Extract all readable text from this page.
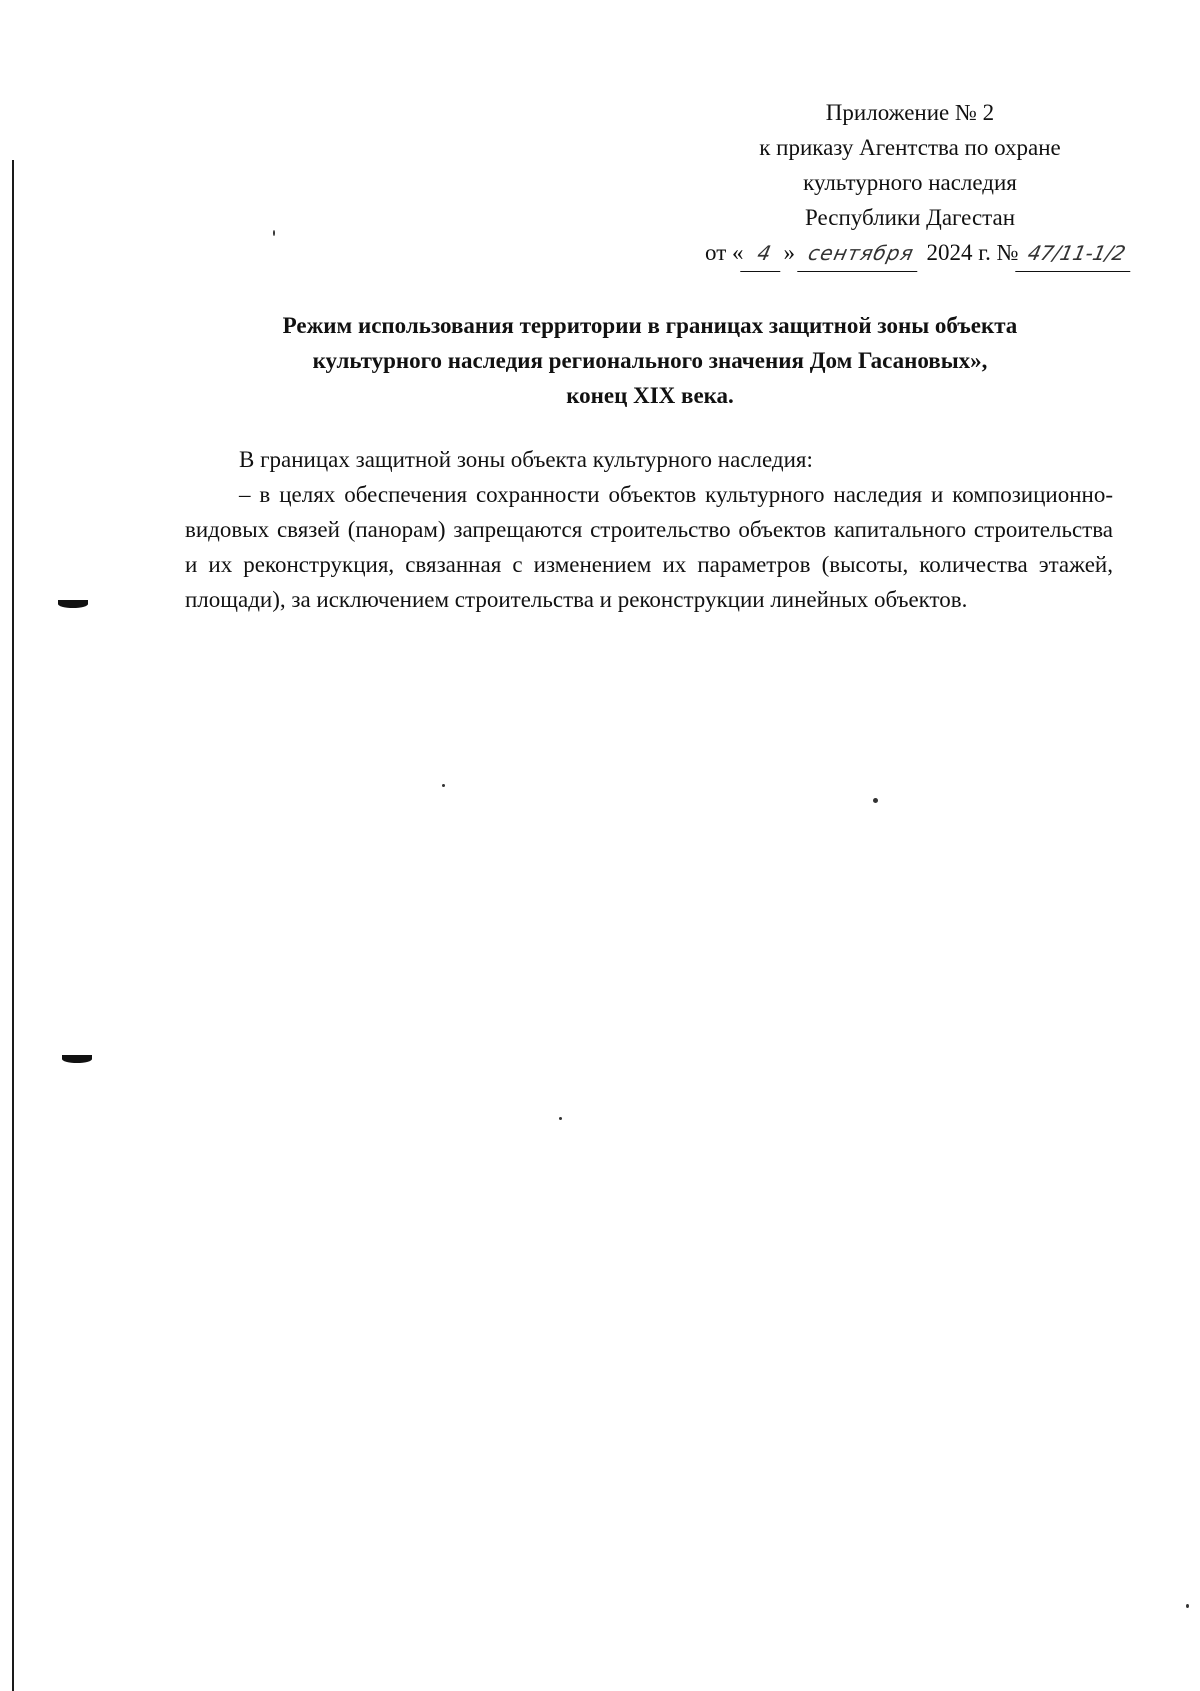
Приложение № 2
к приказу Агентства по охране
культурного наследия
Республики Дагестан
от « 4 » сентября 2024 г. № 47/11-1/2
Режим использования территории в границах защитной зоны объекта
культурного наследия регионального значения Дом Гасановых»,
конец XIX века.

В границах защитной зоны объекта культурного наследия:

– в целях обеспечения сохранности объектов культурного наследия и композиционно-видовых связей (панорам) запрещаются строительство объектов капитального строительства и их реконструкция, связанная с изменением их параметров (высоты, количества этажей, площади), за исключением строительства и реконструкции линейных объектов.
